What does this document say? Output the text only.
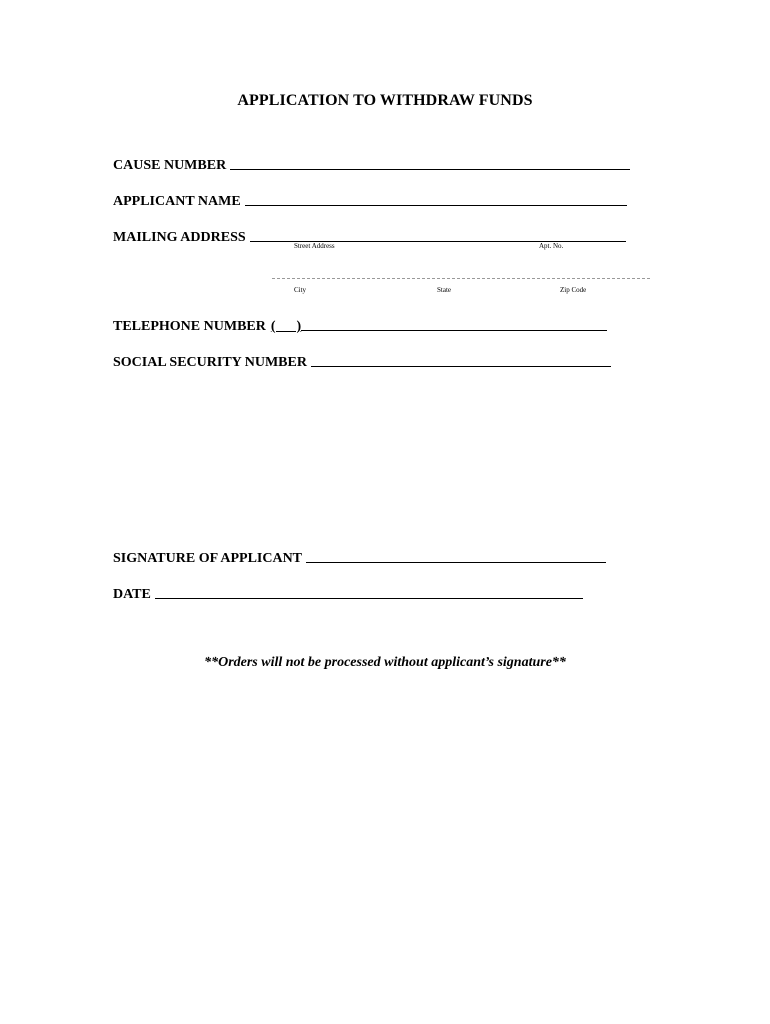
APPLICATION TO WITHDRAW FUNDS
CAUSE NUMBER
APPLICANT NAME
MAILING ADDRESS
Street Address	Apt. No.
City	State	Zip Code
TELEPHONE NUMBER (      )
SOCIAL SECURITY NUMBER
SIGNATURE OF APPLICANT
DATE
**Orders will not be processed without applicant’s signature**
